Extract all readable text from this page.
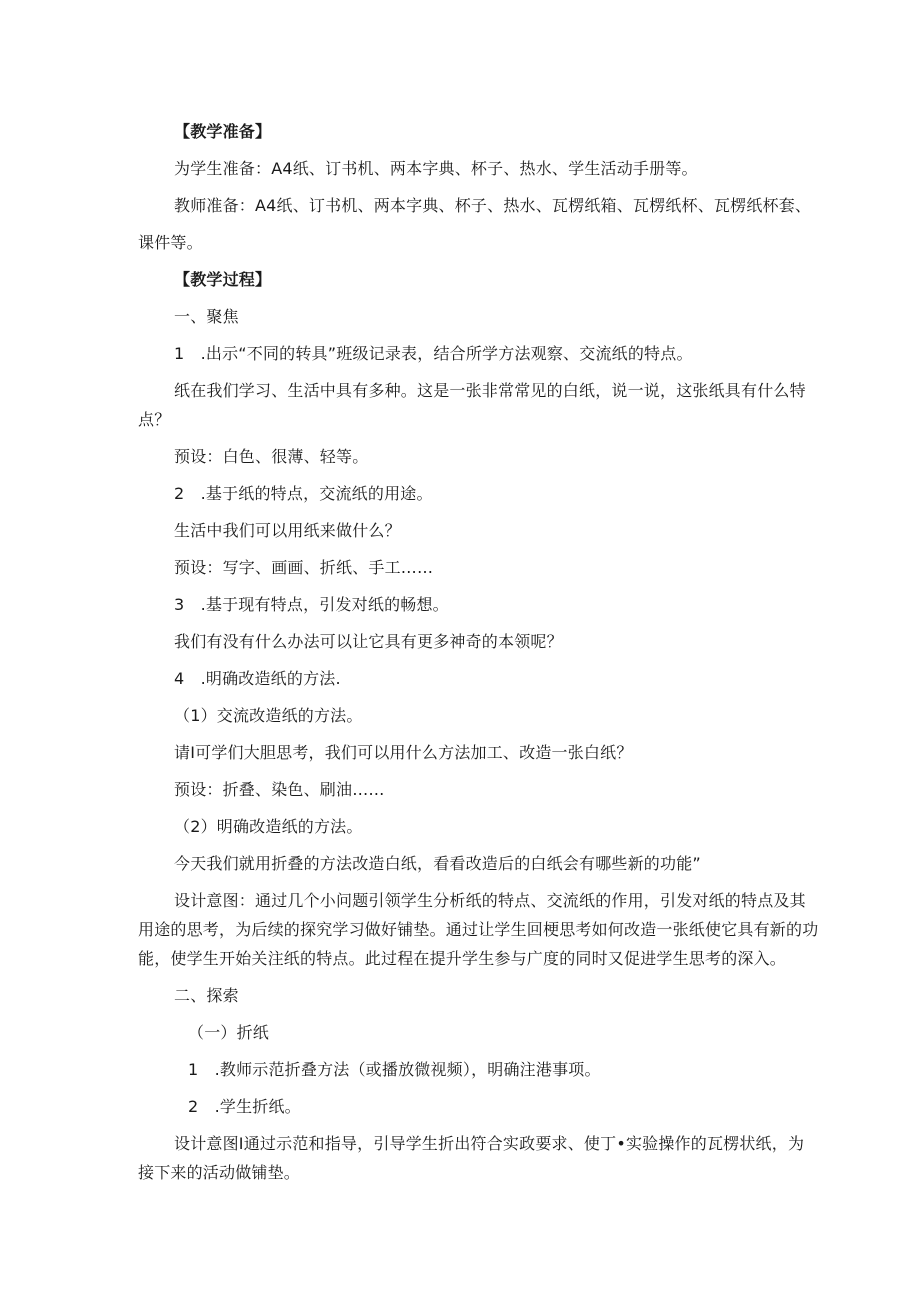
【教学准备】
为学生准备：A4纸、订书机、两本字典、杯子、热水、学生活动手册等。
教师准备：A4纸、订书机、两本字典、杯子、热水、瓦楞纸箱、瓦楞纸杯、瓦楞纸杯套、
课件等。
【教学过程】
一、聚焦
1　.出示“不同的转具”班级记录表，结合所学方法观察、交流纸的特点。
纸在我们学习、生活中具有多种。这是一张非常常见的白纸，说一说，这张纸具有什么特
点？
预设：白色、很薄、轻等。
2　.基于纸的特点，交流纸的用途。
生活中我们可以用纸来做什么？
预设：写字、画画、折纸、手工……
3　.基于现有特点，引发对纸的畅想。
我们有没有什么办法可以让它具有更多神奇的本领呢？
4　.明确改造纸的方法.
（1）交流改造纸的方法。
请I可学们大胆思考，我们可以用什么方法加工、改造一张白纸？
预设：折叠、染色、刷油……
（2）明确改造纸的方法。
今天我们就用折叠的方法改造白纸，看看改造后的白纸会有哪些新的功能”
设计意图：通过几个小问题引领学生分析纸的特点、交流纸的作用，引发对纸的特点及其
用途的思考，为后续的探究学习做好铺垫。通过让学生回梗思考如何改造一张纸使它具有新的功
能，使学生开始关注纸的特点。此过程在提升学生参与广度的同时又促进学生思考的深入。
二、探索
（一）折纸
1　.教师示范折叠方法（或播放微视频），明确注港事项。
2　.学生折纸。
设计意图I通过示范和指导，引导学生折出符合实政要求、使丁•实验操作的瓦楞状纸，为
接下来的活动做铺垫。
